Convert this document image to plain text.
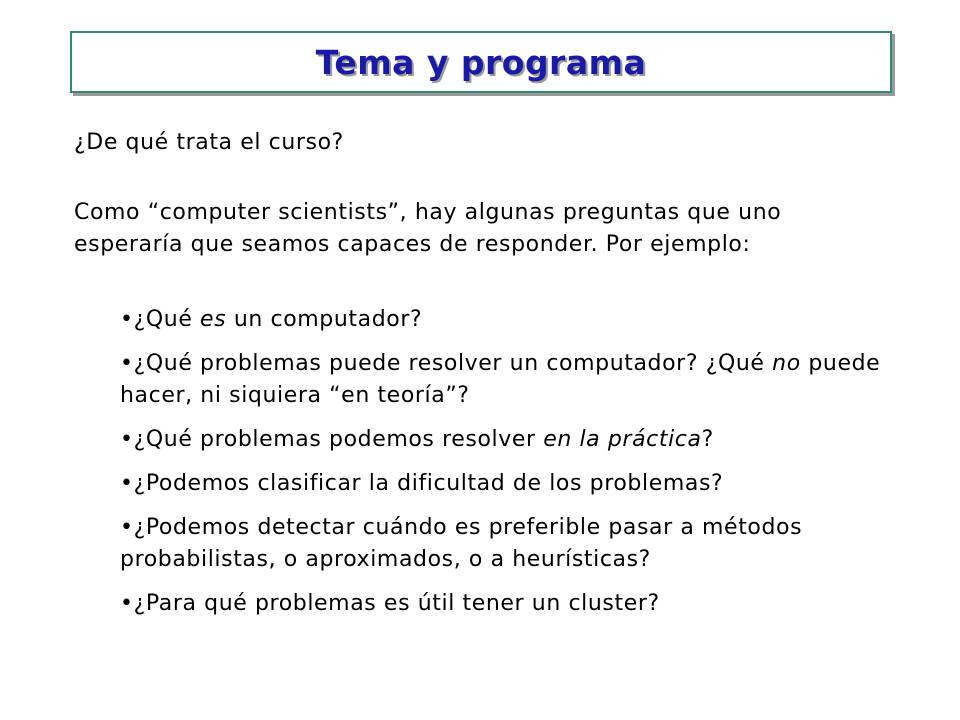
Tema y programa
¿De qué trata el curso?
Como “computer scientists”, hay algunas preguntas que uno esperaría que seamos capaces de responder. Por ejemplo:
•¿Qué es un computador?
•¿Qué problemas puede resolver un computador? ¿Qué no puede hacer, ni siquiera “en teoría”?
•¿Qué problemas podemos resolver en la práctica?
•¿Podemos clasificar la dificultad de los problemas?
•¿Podemos detectar cuándo es preferible pasar a métodos probabilistas, o aproximados, o a heurísticas?
•¿Para qué problemas es útil tener un cluster?
